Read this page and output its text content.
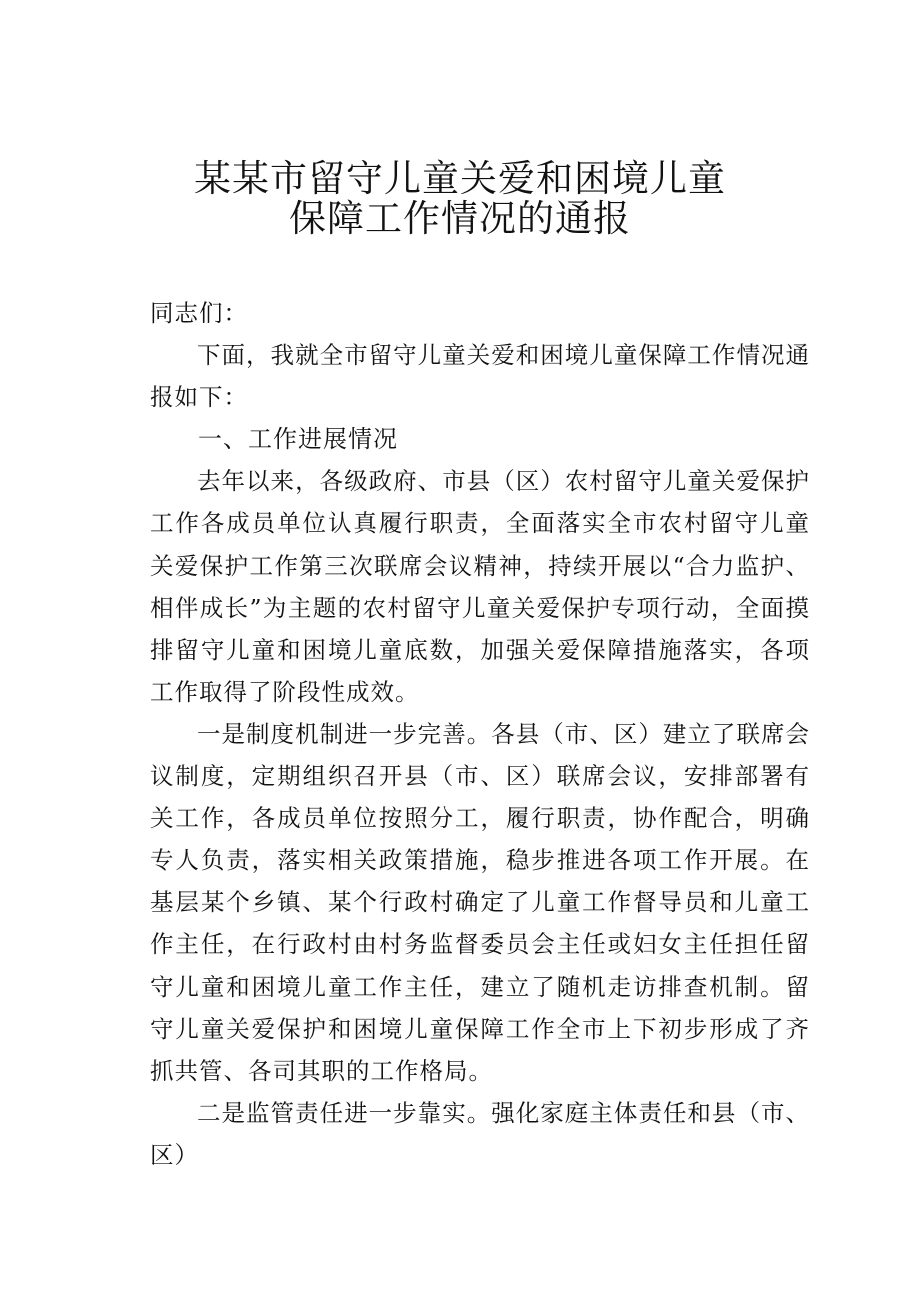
某某市留守儿童关爱和困境儿童
保障工作情况的通报

同志们：

下面，我就全市留守儿童关爱和困境儿童保障工作情况通报如下：

一、工作进展情况

去年以来，各级政府、市县（区）农村留守儿童关爱保护工作各成员单位认真履行职责，全面落实全市农村留守儿童关爱保护工作第三次联席会议精神，持续开展以“合力监护、相伴成长”为主题的农村留守儿童关爱保护专项行动，全面摸排留守儿童和困境儿童底数，加强关爱保障措施落实，各项工作取得了阶段性成效。

一是制度机制进一步完善。各县（市、区）建立了联席会议制度，定期组织召开县（市、区）联席会议，安排部署有关工作，各成员单位按照分工，履行职责，协作配合，明确专人负责，落实相关政策措施，稳步推进各项工作开展。在基层某个乡镇、某个行政村确定了儿童工作督导员和儿童工作主任，在行政村由村务监督委员会主任或妇女主任担任留守儿童和困境儿童工作主任，建立了随机走访排查机制。留守儿童关爱保护和困境儿童保障工作全市上下初步形成了齐抓共管、各司其职的工作格局。

二是监管责任进一步靠实。强化家庭主体责任和县（市、区）
